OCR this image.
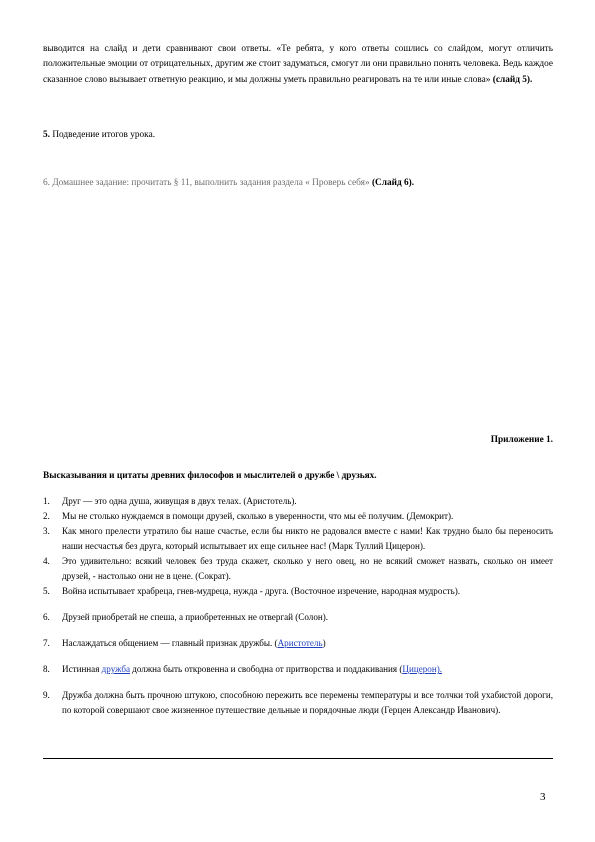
выводится на слайд и дети сравнивают свои ответы. «Те ребята, у кого ответы сошлись со слайдом, могут отличить положительные эмоции от отрицательных, другим же стоит задуматься, смогут ли они правильно понять человека. Ведь каждое сказанное слово вызывает ответную реакцию, и мы должны уметь правильно реагировать на те или иные слова» (слайд 5).
5. Подведение итогов урока.
6. Домашнее задание: прочитать § 11, выполнить задания раздела « Проверь себя» (Слайд 6).
Приложение 1.
Высказывания и цитаты древних философов и мыслителей о дружбе \ друзьях.
1. Друг — это одна душа, живущая в двух телах. (Аристотель).
2. Мы не столько нуждаемся в помощи друзей, сколько в уверенности, что мы её получим. (Демокрит).
3. Как много прелести утратило бы наше счастье, если бы никто не радовался вместе с нами! Как трудно было бы переносить наши несчастья без друга, который испытывает их еще сильнее нас! (Марк Туллий Цицерон).
4. Это удивительно: всякий человек без труда скажет, сколько у него овец, но не всякий сможет назвать, сколько он имеет друзей, - настолько они не в цене. (Сократ).
5. Война испытывает храбреца, гнев-мудреца, нужда - друга. (Восточное изречение, народная мудрость).
6. Друзей приобретай не спеша, а приобретенных не отвергай (Солон).
7. Наслаждаться общением — главный признак дружбы. (Аристотель)
8. Истинная дружба должна быть откровенна и свободна от притворства и поддакивания (Цицерон).
9. Дружба должна быть прочною штукою, способною пережить все перемены температуры и все толчки той ухабистой дороги, по которой совершают свое жизненное путешествие дельные и порядочные люди (Герцен Александр Иванович).
3
